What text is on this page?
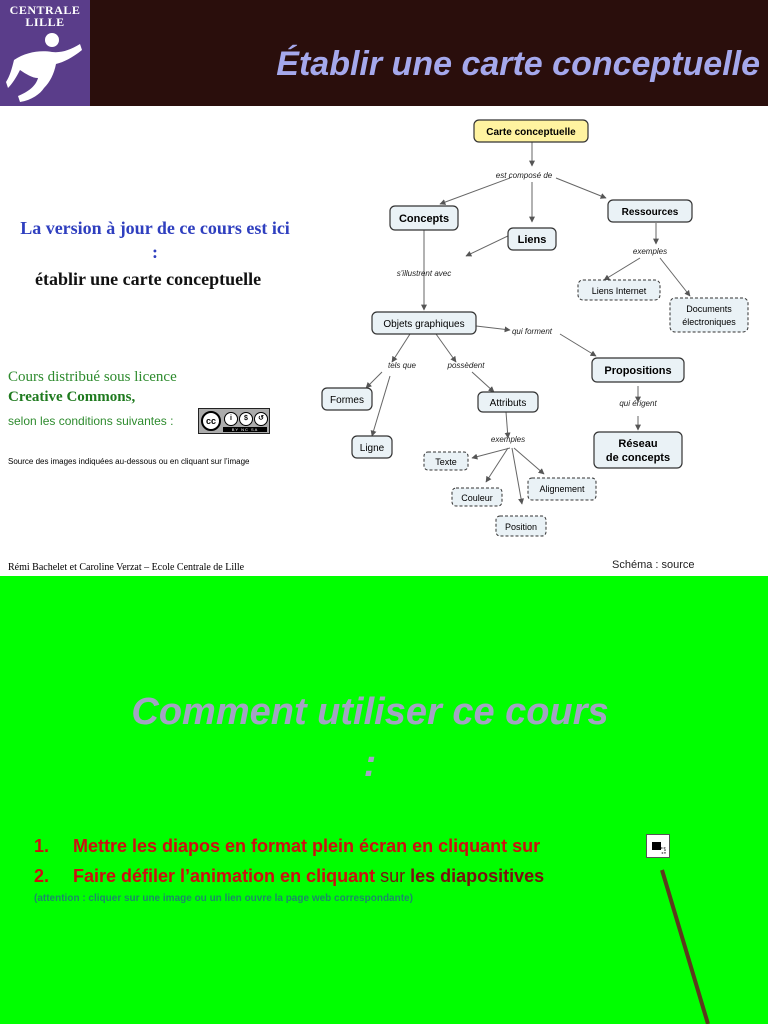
CENTRALE
LILLE
Établir une carte conceptuelle
La version à jour de ce cours est ici :
établir une carte conceptuelle
Cours distribué sous licence
Creative Commons,
selon les conditions suivantes :	cc	i	$	↺
BY NC SA
Source des images indiquées au-dessous ou en cliquant sur l’image
Rémi Bachelet et Caroline Verzat – Ecole Centrale de Lille	Schéma : source
Carte conceptuelle
Concepts
Liens
Ressources
Liens Internet
Documents
électroniques
Objets graphiques
Propositions
Formes	Attributs
Ligne	Réseau
de concepts
Texte
Couleur
Alignement
Position
est composé de
s'illustrent avec
exemples
qui forment
tels que	possèdent
qui érigent
exemples
Comment utiliser ce cours :
1. Mettre les diapos en format plein écran en cliquant sur
2. Faire défiler l’animation en cliquant sur les diapositives
(attention : cliquer sur une image ou un lien ouvre la page web correspondante)
